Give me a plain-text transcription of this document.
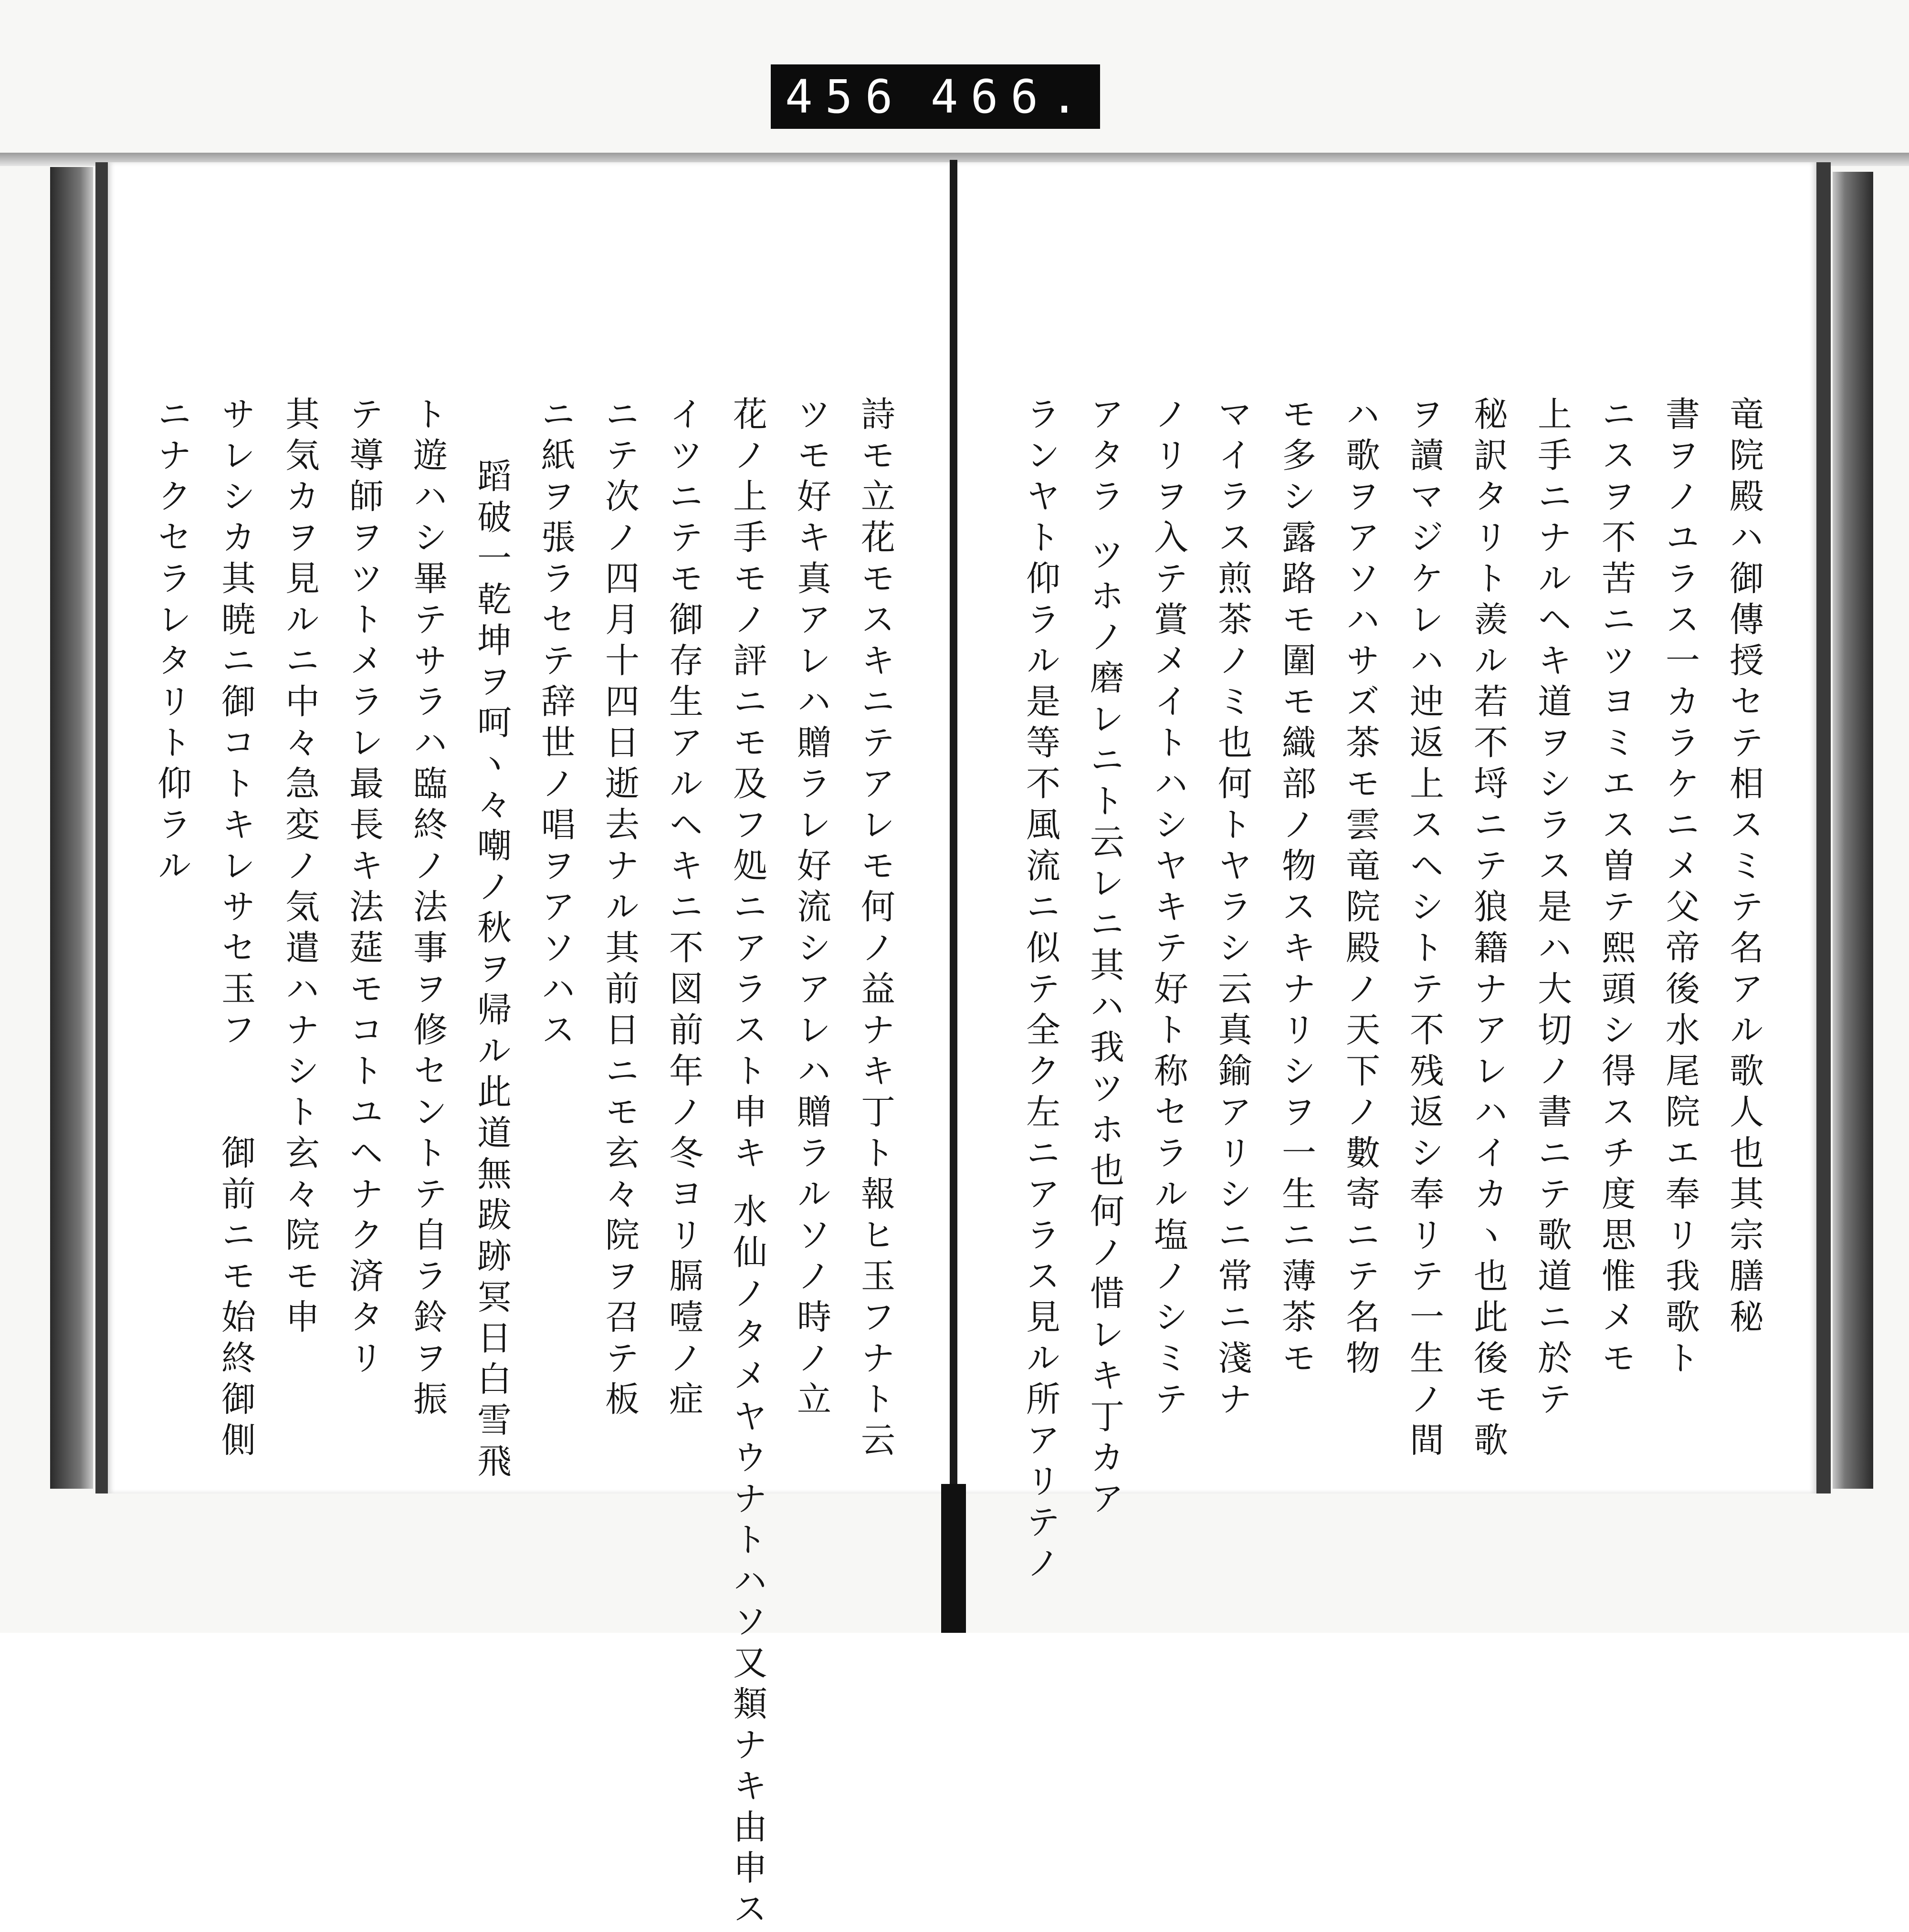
456 466.
竜院殿ハ御傳授セテ相スミテ名アル歌人也其宗膳秘
書ヲノユラス一カラケニメ父帝後水尾院エ奉リ我歌ト
ニスヲ不苦ニツヨミエス曽テ熙頭シ得スチ度思惟メモ
上手ニナルヘキ道ヲシラス是ハ大切ノ書ニテ歌道ニ於テ
秘訳タリト羨ル若不埒ニテ狼籍ナアレハイカヽ也此後モ歌
ヲ讀マジケレハ迚返上スヘシトテ不残返シ奉リテ一生ノ間
ハ歌ヲアソハサズ茶モ雲竜院殿ノ天下ノ數寄ニテ名物
モ多シ露路モ圍モ織部ノ物スキナリシヲ一生ニ薄茶モ
マイラス煎茶ノミ也何トヤラシ云真鍮アリシニ常ニ淺ナ
ノリヲ入テ賞メイトハシヤキテ好ト称セラル塩ノシミテ
アタラ ツホノ磨レニト云レニ其ハ我ツホ也何ノ惜レキ丁カア
ランヤト仰ラル是等不風流ニ似テ全ク左ニアラス見ル所アリテノ
詩モ立花モスキニテアレモ何ノ益ナキ丁ト報ヒ玉フナト云
ツモ好キ真アレハ贈ラレ好流シアレハ贈ラルソノ時ノ立
花ノ上手モノ評ニモ及フ処ニアラスト申キ 水仙ノタメヤウナトハソ又類ナキ由申ス
イツニテモ御存生アルヘキニ不図前年ノ冬ヨリ膈噎ノ症
ニテ次ノ四月十四日逝去ナル其前日ニモ玄々院ヲ召テ板
ニ紙ヲ張ラセテ辞世ノ唱ヲアソハス
蹈破一乾坤ヲ呵ヽ々嘲ノ秋ヲ帰ル此道無跋跡冥日白雪飛
ト遊ハシ畢テサラハ臨終ノ法事ヲ修セントテ自ラ鈴ヲ振
テ導師ヲツトメラレ最長キ法莚モコトユヘナク済タリ
其気カヲ見ルニ中々急変ノ気遣ハナシト玄々院モ申
サレシカ其暁ニ御コトキレサセ玉フ　　御前ニモ始終御側
ニナクセラレタリト仰ラル
